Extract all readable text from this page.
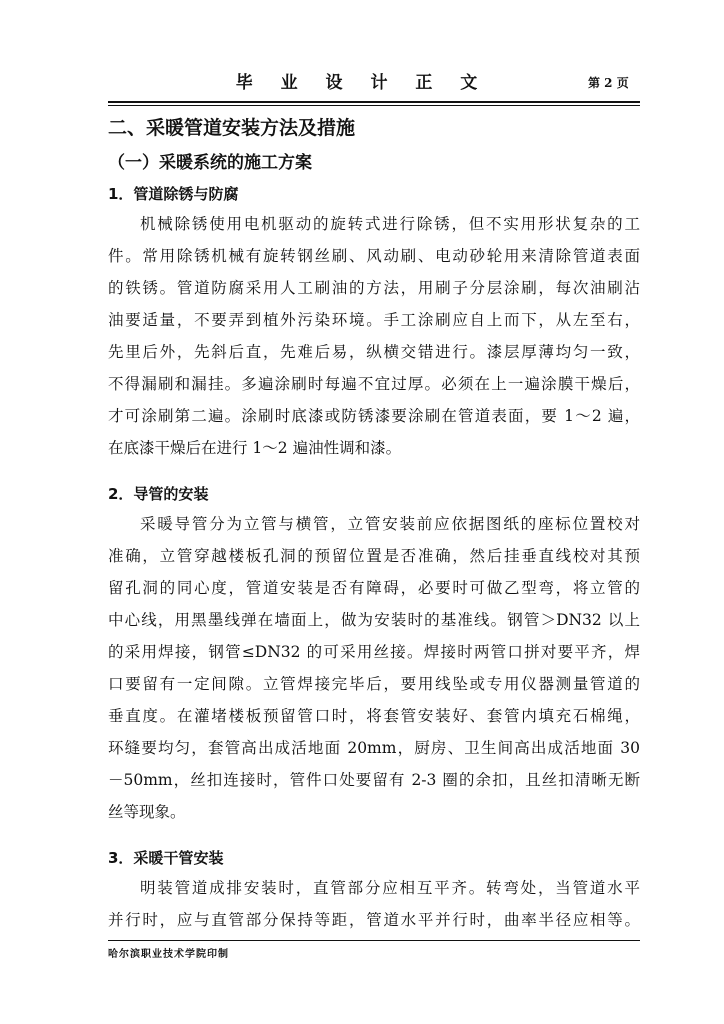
毕 业 设 计 正 文	第 2 页
二、采暖管道安装方法及措施
（一）采暖系统的施工方案
1．管道除锈与防腐
机械除锈使用电机驱动的旋转式进行除锈，但不实用形状复杂的工
件。常用除锈机械有旋转钢丝刷、风动刷、电动砂轮用来清除管道表面
的铁锈。管道防腐采用人工刷油的方法，用刷子分层涂刷，每次油刷沾
油要适量，不要弄到植外污染环境。手工涂刷应自上而下，从左至右，
先里后外，先斜后直，先难后易，纵横交错进行。漆层厚薄均匀一致，
不得漏刷和漏挂。多遍涂刷时每遍不宜过厚。必须在上一遍涂膜干燥后，
才可涂刷第二遍。涂刷时底漆或防锈漆要涂刷在管道表面，要 1～2 遍，
在底漆干燥后在进行 1～2 遍油性调和漆。
2．导管的安装
采暖导管分为立管与横管，立管安装前应依据图纸的座标位置校对
准确，立管穿越楼板孔洞的预留位置是否准确，然后挂垂直线校对其预
留孔洞的同心度，管道安装是否有障碍，必要时可做乙型弯，将立管的
中心线，用黑墨线弹在墙面上，做为安装时的基准线。钢管＞DN32 以上
的采用焊接，钢管≤DN32 的可采用丝接。焊接时两管口拼对要平齐，焊
口要留有一定间隙。立管焊接完毕后，要用线坠或专用仪器测量管道的
垂直度。在灌堵楼板预留管口时，将套管安装好、套管内填充石棉绳，
环缝要均匀，套管高出成活地面 20mm，厨房、卫生间高出成活地面 30
－50mm，丝扣连接时，管件口处要留有 2-3 圈的余扣，且丝扣清晰无断
丝等现象。
3．采暖干管安装
明装管道成排安装时，直管部分应相互平齐。转弯处，当管道水平
并行时，应与直管部分保持等距，管道水平并行时，曲率半径应相等。
哈尔滨职业技术学院印制
